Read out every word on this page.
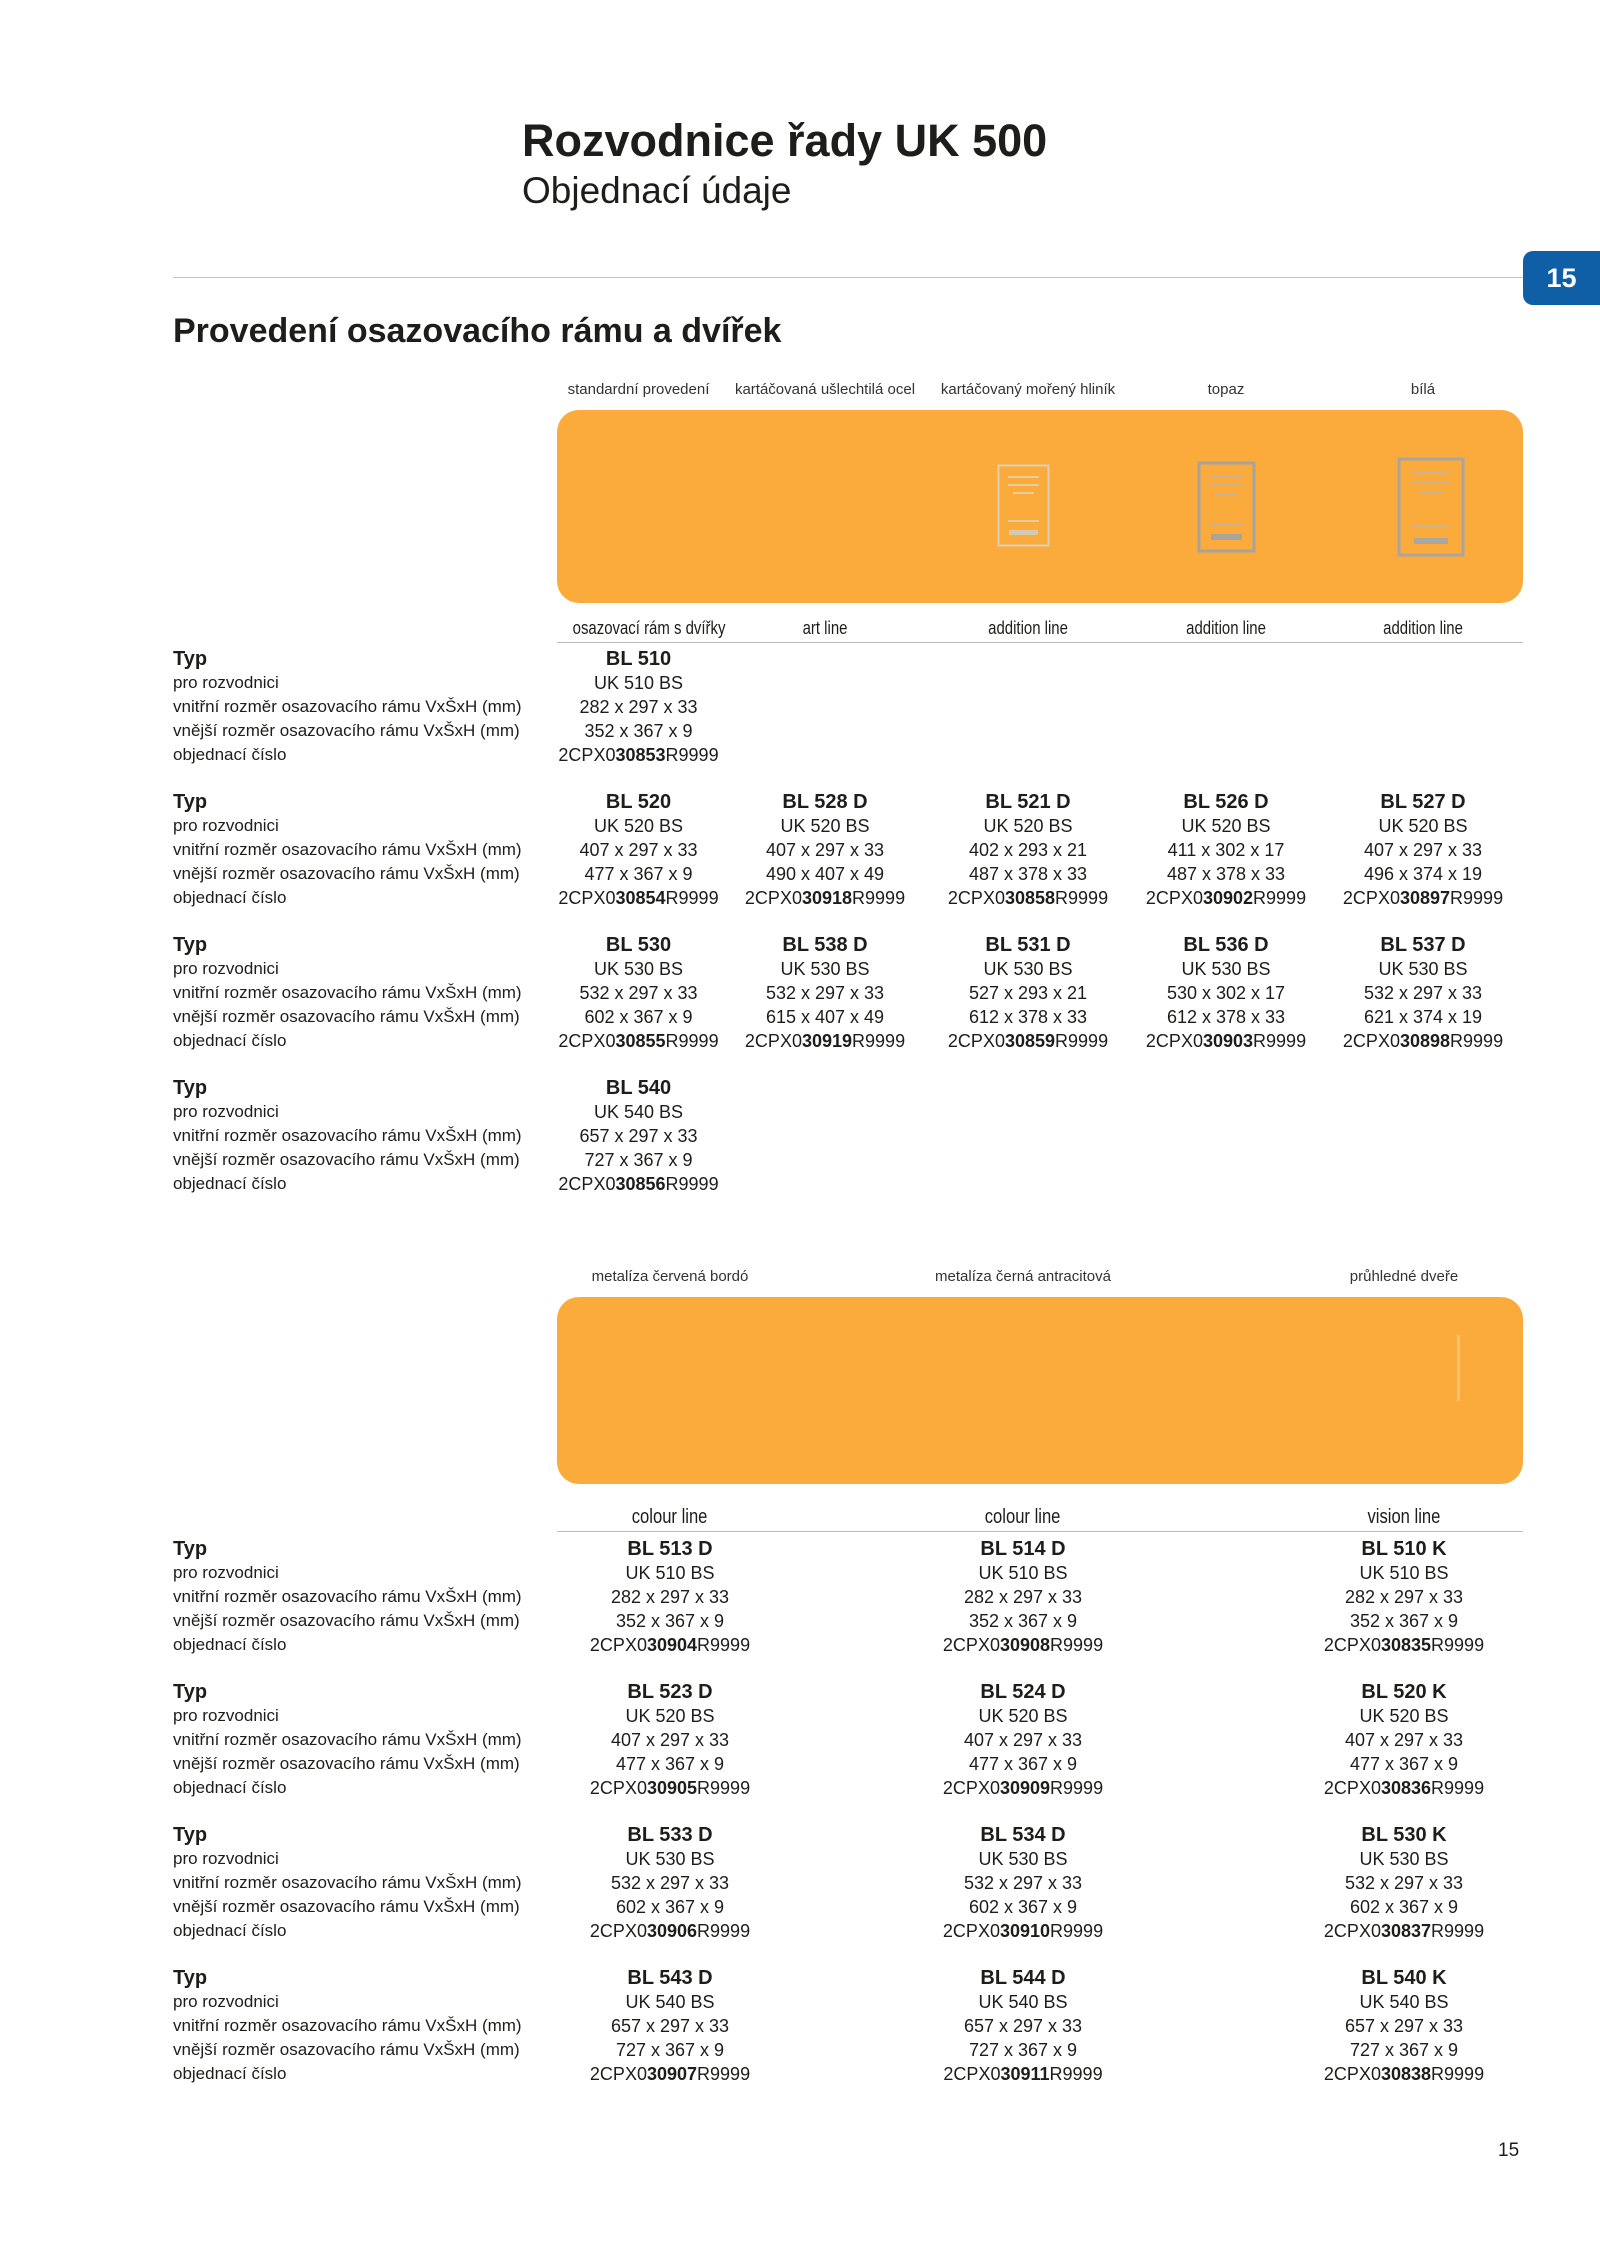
Rozvodnice řady UK 500
Objednací údaje
15
Provedení osazovacího rámu a dvířek
standardní provedení	kartáčovaná ušlechtilá ocel	kartáčovaný mořený hliník	topaz	bílá
osazovací rám s dvířky	art line	addition line	addition line	addition line
Typ	BL 510
pro rozvodnici	UK 510 BS
vnitřní rozměr osazovacího rámu VxŠxH (mm)	282 x 297 x 33
vnější rozměr osazovacího rámu VxŠxH (mm)	352 x 367 x 9
objednací číslo	2CPX030853R9999
Typ	BL 520	BL 528 D	BL 521 D	BL 526 D	BL 527 D
pro rozvodnici	UK 520 BS	UK 520 BS	UK 520 BS	UK 520 BS	UK 520 BS
vnitřní rozměr osazovacího rámu VxŠxH (mm)	407 x 297 x 33	407 x 297 x 33	402 x 293 x 21	411 x 302 x 17	407 x 297 x 33
vnější rozměr osazovacího rámu VxŠxH (mm)	477 x 367 x 9	490 x 407 x 49	487 x 378 x 33	487 x 378 x 33	496 x 374 x 19
objednací číslo	2CPX030854R9999	2CPX030918R9999	2CPX030858R9999	2CPX030902R9999	2CPX030897R9999
Typ	BL 530	BL 538 D	BL 531 D	BL 536 D	BL 537 D
pro rozvodnici	UK 530 BS	UK 530 BS	UK 530 BS	UK 530 BS	UK 530 BS
vnitřní rozměr osazovacího rámu VxŠxH (mm)	532 x 297 x 33	532 x 297 x 33	527 x 293 x 21	530 x 302 x 17	532 x 297 x 33
vnější rozměr osazovacího rámu VxŠxH (mm)	602 x 367 x 9	615 x 407 x 49	612 x 378 x 33	612 x 378 x 33	621 x 374 x 19
objednací číslo	2CPX030855R9999	2CPX030919R9999	2CPX030859R9999	2CPX030903R9999	2CPX030898R9999
Typ	BL 540
pro rozvodnici	UK 540 BS
vnitřní rozměr osazovacího rámu VxŠxH (mm)	657 x 297 x 33
vnější rozměr osazovacího rámu VxŠxH (mm)	727 x 367 x 9
objednací číslo	2CPX030856R9999
metalíza červená bordó	metalíza černá antracitová	průhledné dveře
colour line	colour line	vision line
Typ	BL 513 D	BL 514 D	BL 510 K
pro rozvodnici	UK 510 BS	UK 510 BS	UK 510 BS
vnitřní rozměr osazovacího rámu VxŠxH (mm)	282 x 297 x 33	282 x 297 x 33	282 x 297 x 33
vnější rozměr osazovacího rámu VxŠxH (mm)	352 x 367 x 9	352 x 367 x 9	352 x 367 x 9
objednací číslo	2CPX030904R9999	2CPX030908R9999	2CPX030835R9999
Typ	BL 523 D	BL 524 D	BL 520 K
pro rozvodnici	UK 520 BS	UK 520 BS	UK 520 BS
vnitřní rozměr osazovacího rámu VxŠxH (mm)	407 x 297 x 33	407 x 297 x 33	407 x 297 x 33
vnější rozměr osazovacího rámu VxŠxH (mm)	477 x 367 x 9	477 x 367 x 9	477 x 367 x 9
objednací číslo	2CPX030905R9999	2CPX030909R9999	2CPX030836R9999
Typ	BL 533 D	BL 534 D	BL 530 K
pro rozvodnici	UK 530 BS	UK 530 BS	UK 530 BS
vnitřní rozměr osazovacího rámu VxŠxH (mm)	532 x 297 x 33	532 x 297 x 33	532 x 297 x 33
vnější rozměr osazovacího rámu VxŠxH (mm)	602 x 367 x 9	602 x 367 x 9	602 x 367 x 9
objednací číslo	2CPX030906R9999	2CPX030910R9999	2CPX030837R9999
Typ	BL 543 D	BL 544 D	BL 540 K
pro rozvodnici	UK 540 BS	UK 540 BS	UK 540 BS
vnitřní rozměr osazovacího rámu VxŠxH (mm)	657 x 297 x 33	657 x 297 x 33	657 x 297 x 33
vnější rozměr osazovacího rámu VxŠxH (mm)	727 x 367 x 9	727 x 367 x 9	727 x 367 x 9
objednací číslo	2CPX030907R9999	2CPX030911R9999	2CPX030838R9999
15
